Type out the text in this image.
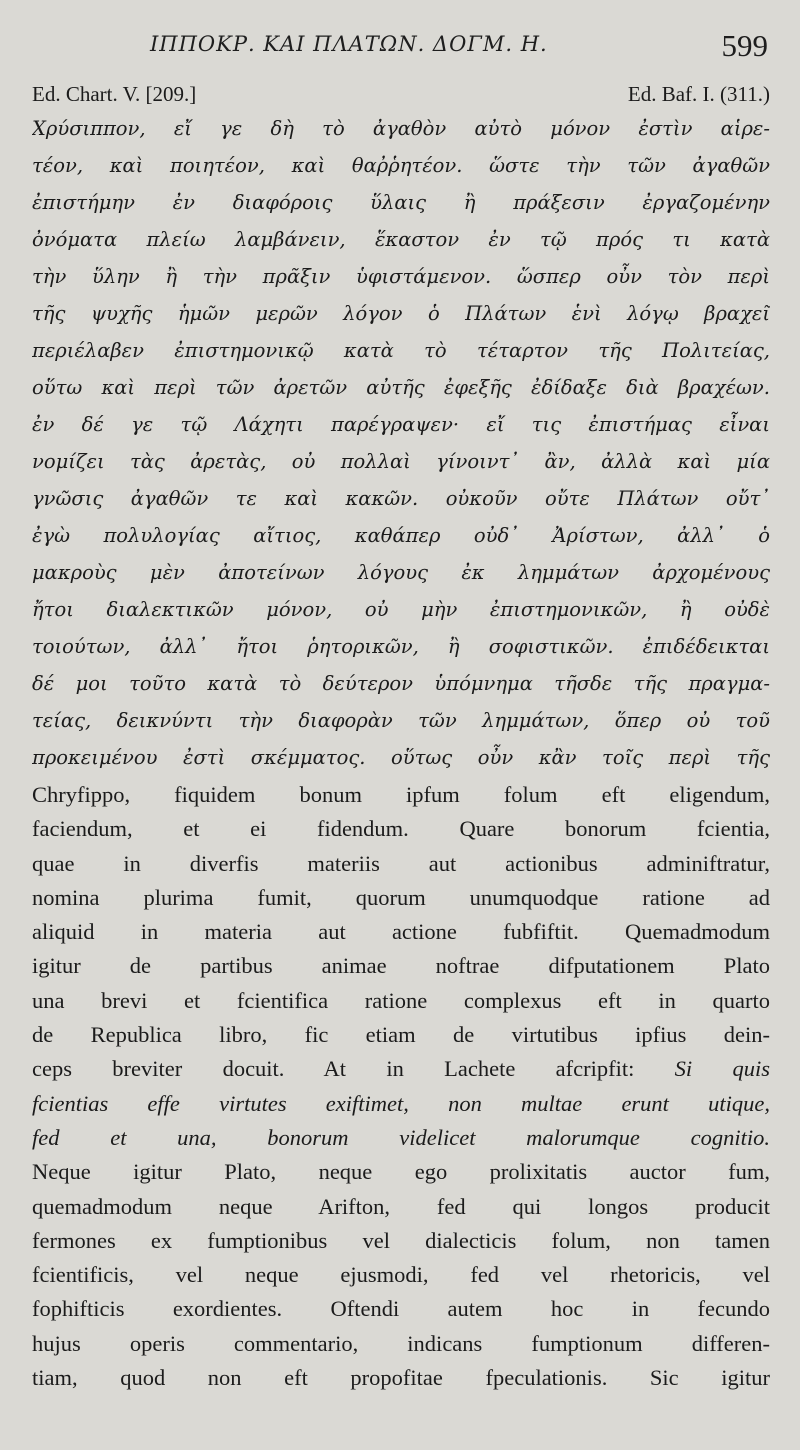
ΙΠΠΟΚΡ. ΚΑΙ ΠΛΑΤΩΝ. ΔΟΓΜ. Η.	599
Ed. Chart. V. [209.]	Ed. Baf. I. (311.)
Χρύσιππον, εἴ γε δὴ τὸ ἀγαθὸν αὐτὸ μόνον ἐστὶν αἱρε-
τέον, καὶ ποιητέον, καὶ θαῤῥητέον. ὥστε τὴν τῶν ἀγαθῶν
ἐπιστήμην ἐν διαφόροις ὕλαις ἢ πράξεσιν ἐργαζομένην
ὀνόματα πλείω λαμβάνειν, ἕκαστον ἐν τῷ πρός τι κατὰ
τὴν ὕλην ἢ τὴν πρᾶξιν ὑφιστάμενον. ὥσπερ οὖν τὸν περὶ
τῆς ψυχῆς ἡμῶν μερῶν λόγον ὁ Πλάτων ἑνὶ λόγῳ βραχεῖ
περιέλαβεν ἐπιστημονικῷ κατὰ τὸ τέταρτον τῆς Πολιτείας,
οὕτω καὶ περὶ τῶν ἀρετῶν αὐτῆς ἐφεξῆς ἐδίδαξε διὰ βραχέων.
ἐν δέ γε τῷ Λάχητι παρέγραψεν· εἴ τις ἐπιστήμας εἶναι
νομίζει τὰς ἀρετὰς, οὐ πολλαὶ γίνοιντ᾽ ἂν, ἀλλὰ καὶ μία
γνῶσις ἀγαθῶν τε καὶ κακῶν. οὐκοῦν οὔτε Πλάτων οὔτ᾽
ἐγὼ πολυλογίας αἴτιος, καθάπερ οὐδ᾽ Ἀρίστων, ἀλλ᾽ ὁ
μακροὺς μὲν ἀποτείνων λόγους ἐκ λημμάτων ἀρχομένους
ἤτοι διαλεκτικῶν μόνον, οὐ μὴν ἐπιστημονικῶν, ἢ οὐδὲ
τοιούτων, ἀλλ᾽ ἤτοι ῥητορικῶν, ἢ σοφιστικῶν. ἐπιδέδεικται
δέ μοι τοῦτο κατὰ τὸ δεύτερον ὑπόμνημα τῆσδε τῆς πραγμα-
τείας, δεικνύντι τὴν διαφορὰν τῶν λημμάτων, ὅπερ οὐ τοῦ
προκειμένου ἐστὶ σκέμματος. οὕτως οὖν κἂν τοῖς περὶ τῆς
Chryfippo, fiquidem bonum ipfum folum eft eligendum,
faciendum, et ei fidendum. Quare bonorum fcientia,
quae in diverfis materiis aut actionibus adminiftratur,
nomina plurima fumit, quorum unumquodque ratione ad
aliquid in materia aut actione fubfiftit. Quemadmodum
igitur de partibus animae noftrae difputationem Plato
una brevi et fcientifica ratione complexus eft in quarto
de Republica libro, fic etiam de virtutibus ipfius dein-
ceps breviter docuit. At in Lachete afcripfit: Si quis
fcientias effe virtutes exiftimet, non multae erunt utique,
fed et una, bonorum videlicet malorumque cognitio.
Neque igitur Plato, neque ego prolixitatis auctor fum,
quemadmodum neque Arifton, fed qui longos producit
fermones ex fumptionibus vel dialecticis folum, non tamen
fcientificis, vel neque ejusmodi, fed vel rhetoricis, vel
fophifticis exordientes. Oftendi autem hoc in fecundo
hujus operis commentario, indicans fumptionum differen-
tiam, quod non eft propofitae fpeculationis. Sic igitur
